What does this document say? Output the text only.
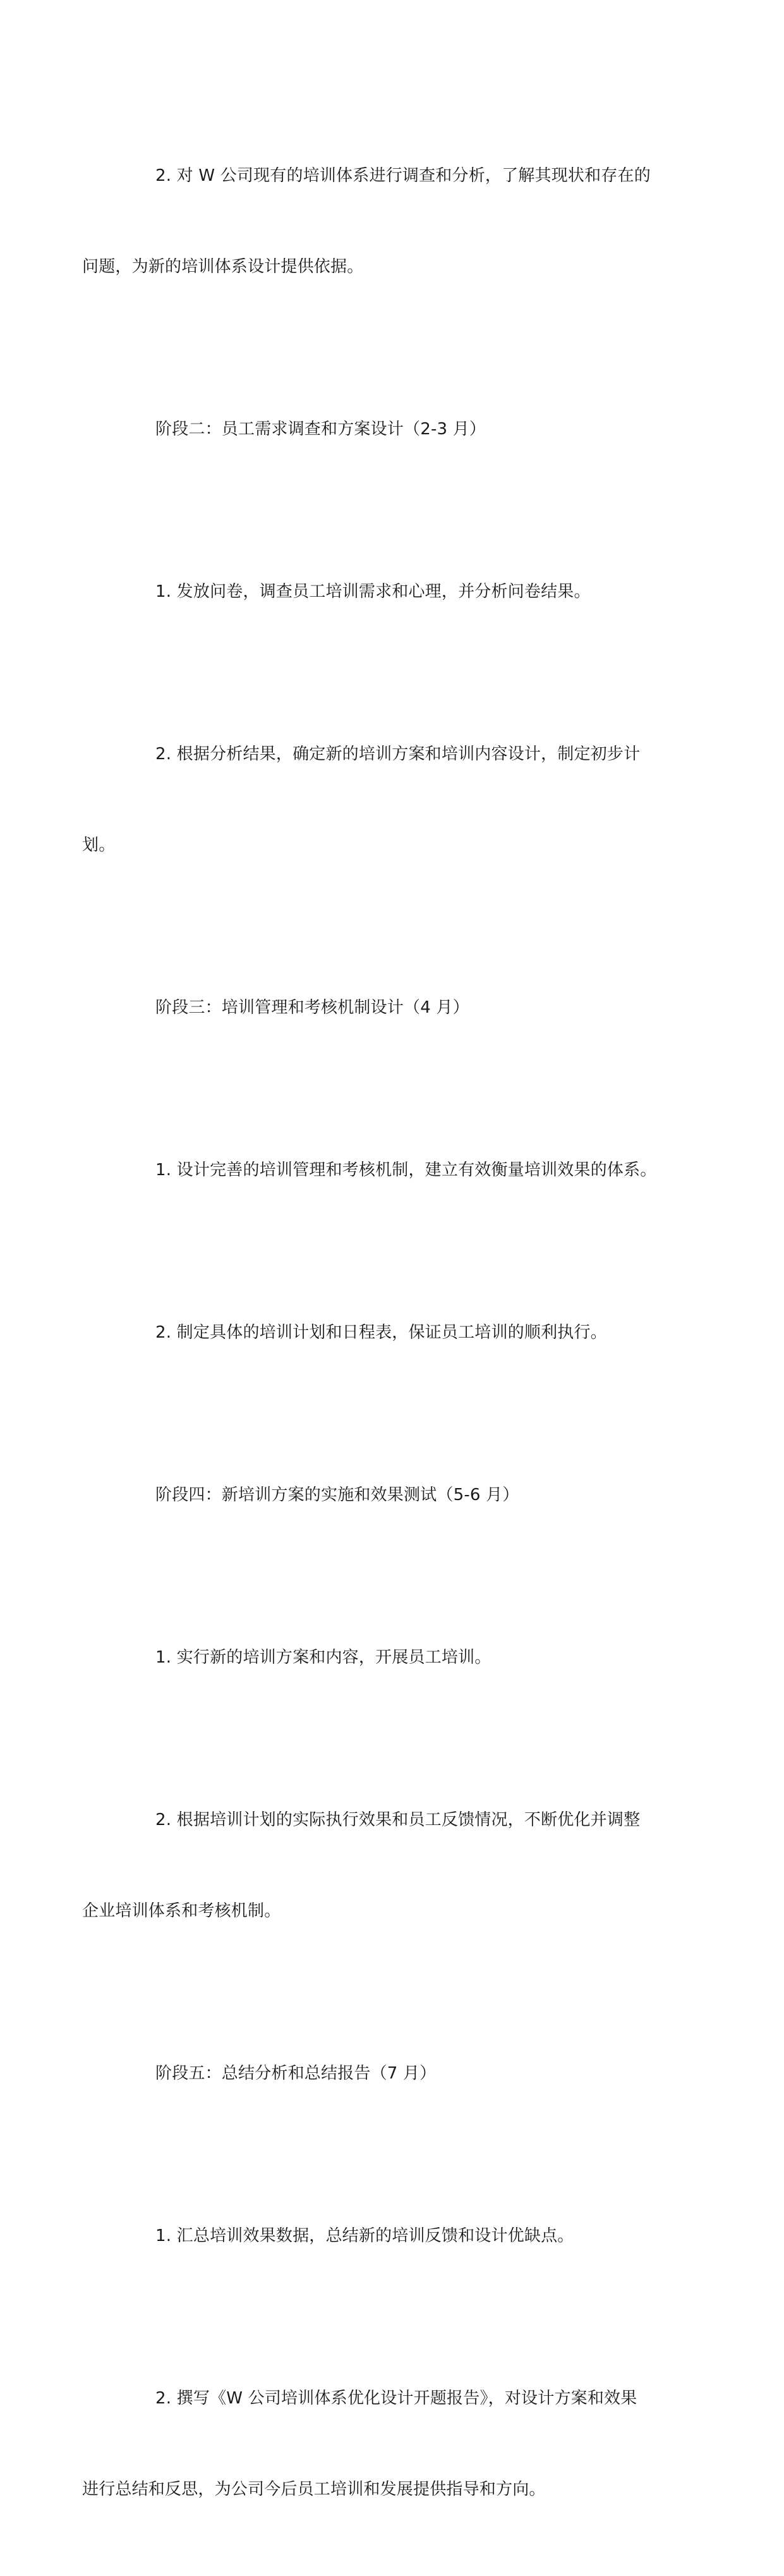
2. 对 W 公司现有的培训体系进行调查和分析，了解其现状和存在的

问题，为新的培训体系设计提供依据。

阶段二：员工需求调查和方案设计（2-3 月）

1. 发放问卷，调查员工培训需求和心理，并分析问卷结果。

2. 根据分析结果，确定新的培训方案和培训内容设计，制定初步计

划。

阶段三：培训管理和考核机制设计（4 月）

1. 设计完善的培训管理和考核机制，建立有效衡量培训效果的体系。

2. 制定具体的培训计划和日程表，保证员工培训的顺利执行。

阶段四：新培训方案的实施和效果测试（5-6 月）

1. 实行新的培训方案和内容，开展员工培训。

2. 根据培训计划的实际执行效果和员工反馈情况，不断优化并调整

企业培训体系和考核机制。

阶段五：总结分析和总结报告（7 月）

1. 汇总培训效果数据，总结新的培训反馈和设计优缺点。

2. 撰写《W 公司培训体系优化设计开题报告》，对设计方案和效果

进行总结和反思，为公司今后员工培训和发展提供指导和方向。
